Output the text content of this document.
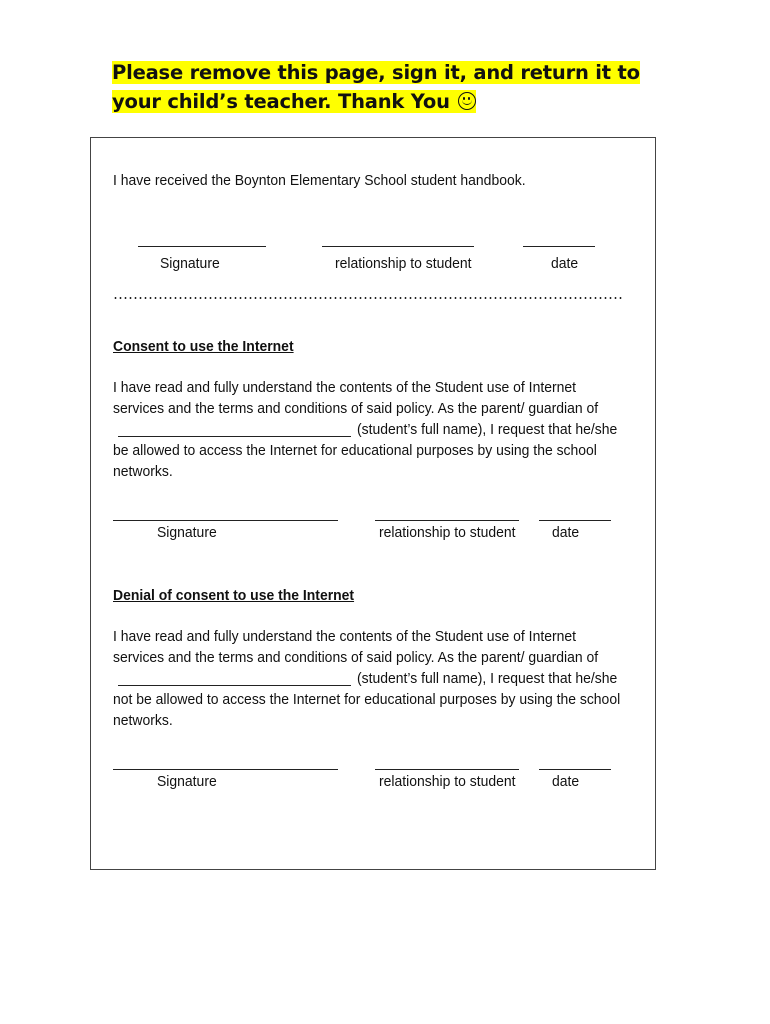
Please remove this page, sign it, and return it to
your child’s teacher. Thank You
I have received the Boynton Elementary School student handbook.
Signature	relationship to student	date
Consent to use the Internet
I have read and fully understand the contents of the Student use of Internet
services and the terms and conditions of said policy. As the parent/ guardian of
(student’s full name), I request that he/she
be allowed to access the Internet for educational purposes by using the school
networks.
Signature	relationship to student date
Denial of consent to use the Internet
I have read and fully understand the contents of the Student use of Internet
services and the terms and conditions of said policy. As the parent/ guardian of
(student’s full name), I request that he/she
not be allowed to access the Internet for educational purposes by using the school
networks.
Signature	relationship to student date
